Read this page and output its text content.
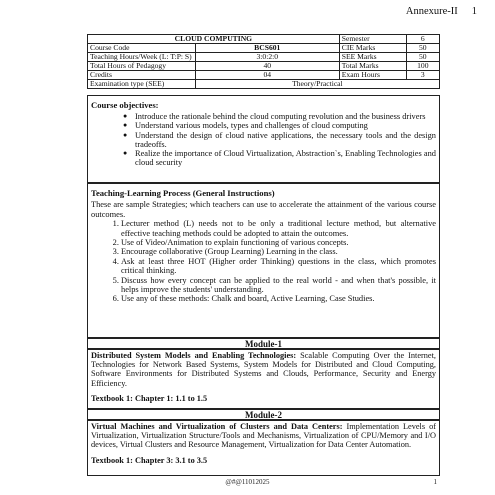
Annexure-II 1
CLOUD COMPUTING		Semester	6
Course Code	BCS601	CIE Marks	50
Teaching Hours/Week (L: T:P: S)	3:0:2:0	SEE Marks	50
Total Hours of Pedagogy	40	Total Marks	100
Credits	04	Exam Hours	3
Examination type (SEE)	Theory/Practical		
Course objectives:
● Introduce the rationale behind the cloud computing revolution and the business drivers
● Understand various models, types and challenges of cloud computing
● Understand the design of cloud native applications, the necessary tools and the design tradeoffs.
● Realize the importance of Cloud Virtualization, Abstraction`s, Enabling Technologies and cloud security
Teaching-Learning Process (General Instructions)

These are sample Strategies; which teachers can use to accelerate the attainment of the various course outcomes.

1. Lecturer method (L) needs not to be only a traditional lecture method, but alternative effective teaching methods could be adopted to attain the outcomes.
2. Use of Video/Animation to explain functioning of various concepts.
3. Encourage collaborative (Group Learning) Learning in the class.
4. Ask at least three HOT (Higher order Thinking) questions in the class, which promotes critical thinking.
5. Discuss how every concept can be applied to the real world - and when that's possible, it helps improve the students' understanding.
6. Use any of these methods: Chalk and board, Active Learning, Case Studies.
Module-1

Distributed System Models and Enabling Technologies: Scalable Computing Over the Internet, Technologies for Network Based Systems, System Models for Distributed and Cloud Computing, Software Environments for Distributed Systems and Clouds, Performance, Security and Energy Efficiency.

Textbook 1: Chapter 1: 1.1 to 1.5

Module-2

Virtual Machines and Virtualization of Clusters and Data Centers: Implementation Levels of Virtualization, Virtualization Structure/Tools and Mechanisms, Virtualization of CPU/Memory and I/O devices, Virtual Clusters and Resource Management, Virtualization for Data Center Automation.

Textbook 1: Chapter 3: 3.1 to 3.5

@#@11012025	1
